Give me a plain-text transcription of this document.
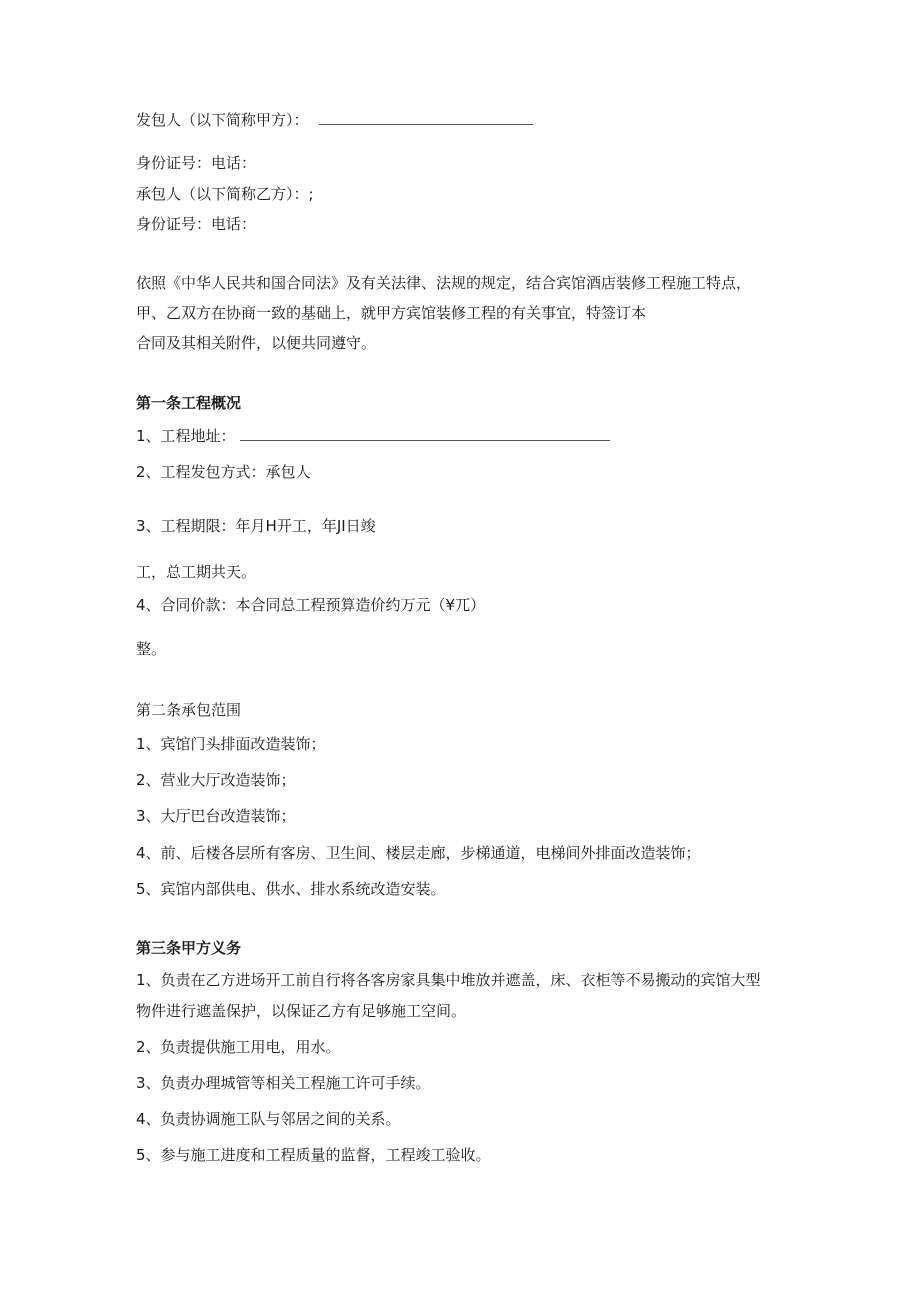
发包人（以下简称甲方）：
身份证号：电话：
承包人（以下简称乙方）：;
身份证号：电话：
依照《中华人民共和国合同法》及有关法律、法规的规定，结合宾馆酒店装修工程施工特点，
甲、乙双方在协商一致的基础上，就甲方宾馆装修工程的有关事宜，特签订本
合同及其相关附件，以便共同遵守。
第一条工程概况
1、工程地址：
2、工程发包方式：承包人
3、工程期限：年月H开工，年JI日竣
工，总工期共天。
4、合同价款：本合同总工程预算造价约万元（¥兀）
整。
第二条承包范围
1、宾馆门头排面改造装饰；
2、营业大厅改造装饰；
3、大厅巴台改造装饰；
4、前、后楼各层所有客房、卫生间、楼层走廊，步梯通道，电梯间外排面改造装饰；
5、宾馆内部供电、供水、排水系统改造安装。
第三条甲方义务
1、负责在乙方进场开工前自行将各客房家具集中堆放并遮盖，床、衣柜等不易搬动的宾馆大型
物件进行遮盖保护，以保证乙方有足够施工空间。
2、负责提供施工用电，用水。
3、负责办理城管等相关工程施工许可手续。
4、负责协调施工队与邻居之间的关系。
5、参与施工进度和工程质量的监督，工程竣工验收。
